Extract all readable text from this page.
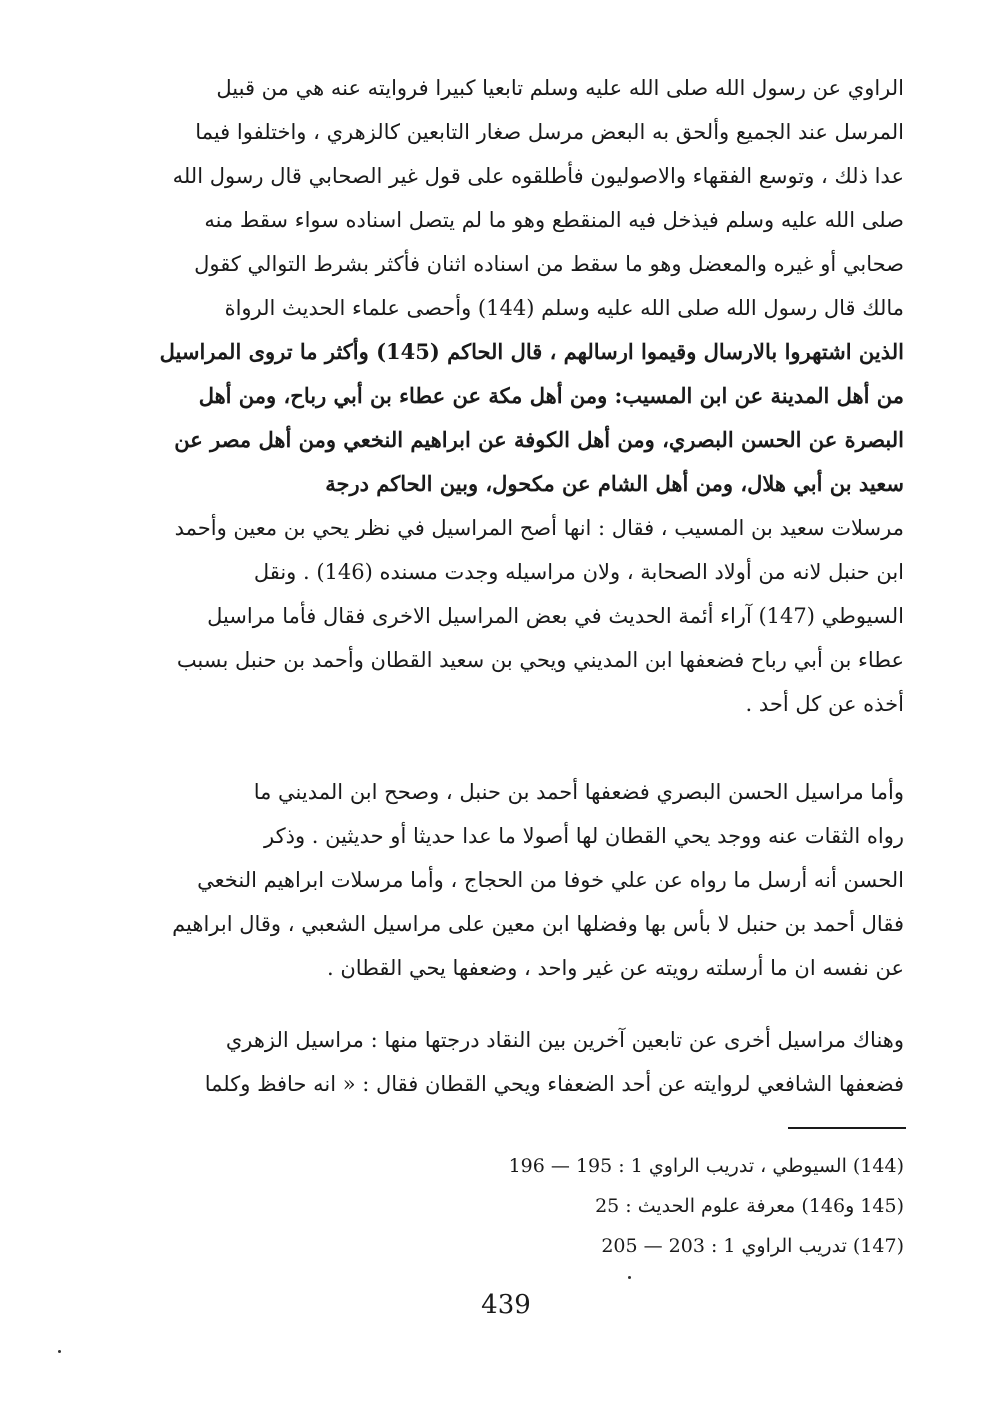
الراوي عن رسول الله صلى الله عليه وسلم تابعيا كبيرا فروايته عنه هي من قبيل
المرسل عند الجميع وألحق به البعض مرسل صغار التابعين كالزهري ، واختلفوا فيما
عدا ذلك ، وتوسع الفقهاء والاصوليون فأطلقوه على قول غير الصحابي قال رسول الله
صلى الله عليه وسلم فيذخل فيه المنقطع وهو ما لم يتصل اسناده سواء سقط منه
صحابي أو غيره والمعضل وهو ما سقط من اسناده اثنان فأكثر بشرط التوالي كقول
مالك قال رسول الله صلى الله عليه وسلم (144) وأحصى علماء الحديث الرواة
الذين اشتهروا بالارسال وقيموا ارسالهم ، قال الحاكم (145) وأكثر ما تروى المراسيل
من أهل المدينة عن ابن المسيب: ومن أهل مكة عن عطاء بن أبي رباح، ومن أهل
البصرة عن الحسن البصري، ومن أهل الكوفة عن ابراهيم النخعي ومن أهل مصر عن
سعيد بن أبي هلال، ومن أهل الشام عن مكحول، وبين الحاكم درجة
مرسلات سعيد بن المسيب ، فقال : انها أصح المراسيل في نظر يحي بن معين وأحمد
ابن حنبل لانه من أولاد الصحابة ، ولان مراسيله وجدت مسنده (146) . ونقل
السيوطي (147) آراء أئمة الحديث في بعض المراسيل الاخرى فقال فأما مراسيل
عطاء بن أبي رباح فضعفها ابن المديني ويحي بن سعيد القطان وأحمد بن حنبل بسبب
أخذه عن كل أحد .
وأما مراسيل الحسن البصري فضعفها أحمد بن حنبل ، وصحح ابن المديني ما
رواه الثقات عنه ووجد يحي القطان لها أصولا ما عدا حديثا أو حديثين . وذكر
الحسن أنه أرسل ما رواه عن علي خوفا من الحجاج ، وأما مرسلات ابراهيم النخعي
فقال أحمد بن حنبل لا بأس بها وفضلها ابن معين على مراسيل الشعبي ، وقال ابراهيم
عن نفسه ان ما أرسلته رويته عن غير واحد ، وضعفها يحي القطان .
وهناك مراسيل أخرى عن تابعين آخرين بين النقاد درجتها منها : مراسيل الزهري
فضعفها الشافعي لروايته عن أحد الضعفاء ويحي القطان فقال : « انه حافظ وكلما
(144) السيوطي ، تدريب الراوي 1 : 195 — 196
(145 و146) معرفة علوم الحديث : 25
(147) تدريب الراوي 1 : 203 — 205
439
